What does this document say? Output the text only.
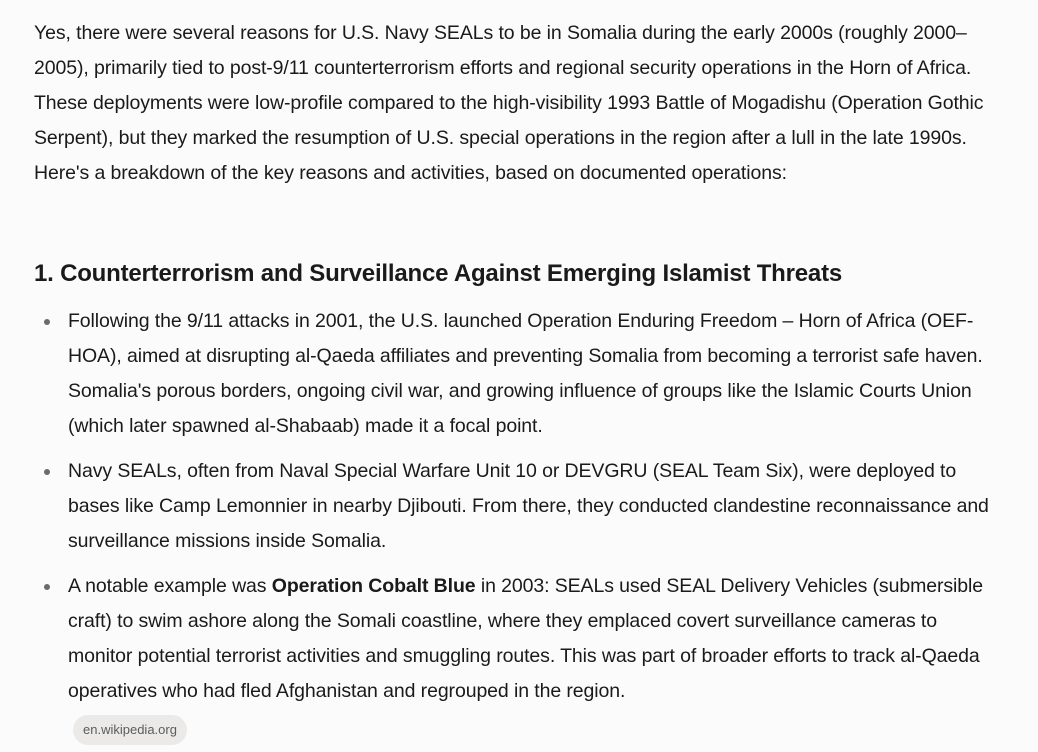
Yes, there were several reasons for U.S. Navy SEALs to be in Somalia during the early 2000s (roughly 2000–2005), primarily tied to post-9/11 counterterrorism efforts and regional security operations in the Horn of Africa. These deployments were low-profile compared to the high-visibility 1993 Battle of Mogadishu (Operation Gothic Serpent), but they marked the resumption of U.S. special operations in the region after a lull in the late 1990s. Here's a breakdown of the key reasons and activities, based on documented operations:

1. Counterterrorism and Surveillance Against Emerging Islamist Threats
Following the 9/11 attacks in 2001, the U.S. launched Operation Enduring Freedom – Horn of Africa (OEF-HOA), aimed at disrupting al-Qaeda affiliates and preventing Somalia from becoming a terrorist safe haven. Somalia's porous borders, ongoing civil war, and growing influence of groups like the Islamic Courts Union (which later spawned al-Shabaab) made it a focal point.
Navy SEALs, often from Naval Special Warfare Unit 10 or DEVGRU (SEAL Team Six), were deployed to bases like Camp Lemonnier in nearby Djibouti. From there, they conducted clandestine reconnaissance and surveillance missions inside Somalia.
A notable example was Operation Cobalt Blue in 2003: SEALs used SEAL Delivery Vehicles (submersible craft) to swim ashore along the Somali coastline, where they emplaced covert surveillance cameras to monitor potential terrorist activities and smuggling routes. This was part of broader efforts to track al-Qaeda operatives who had fled Afghanistan and regrouped in the region.
en.wikipedia.org
